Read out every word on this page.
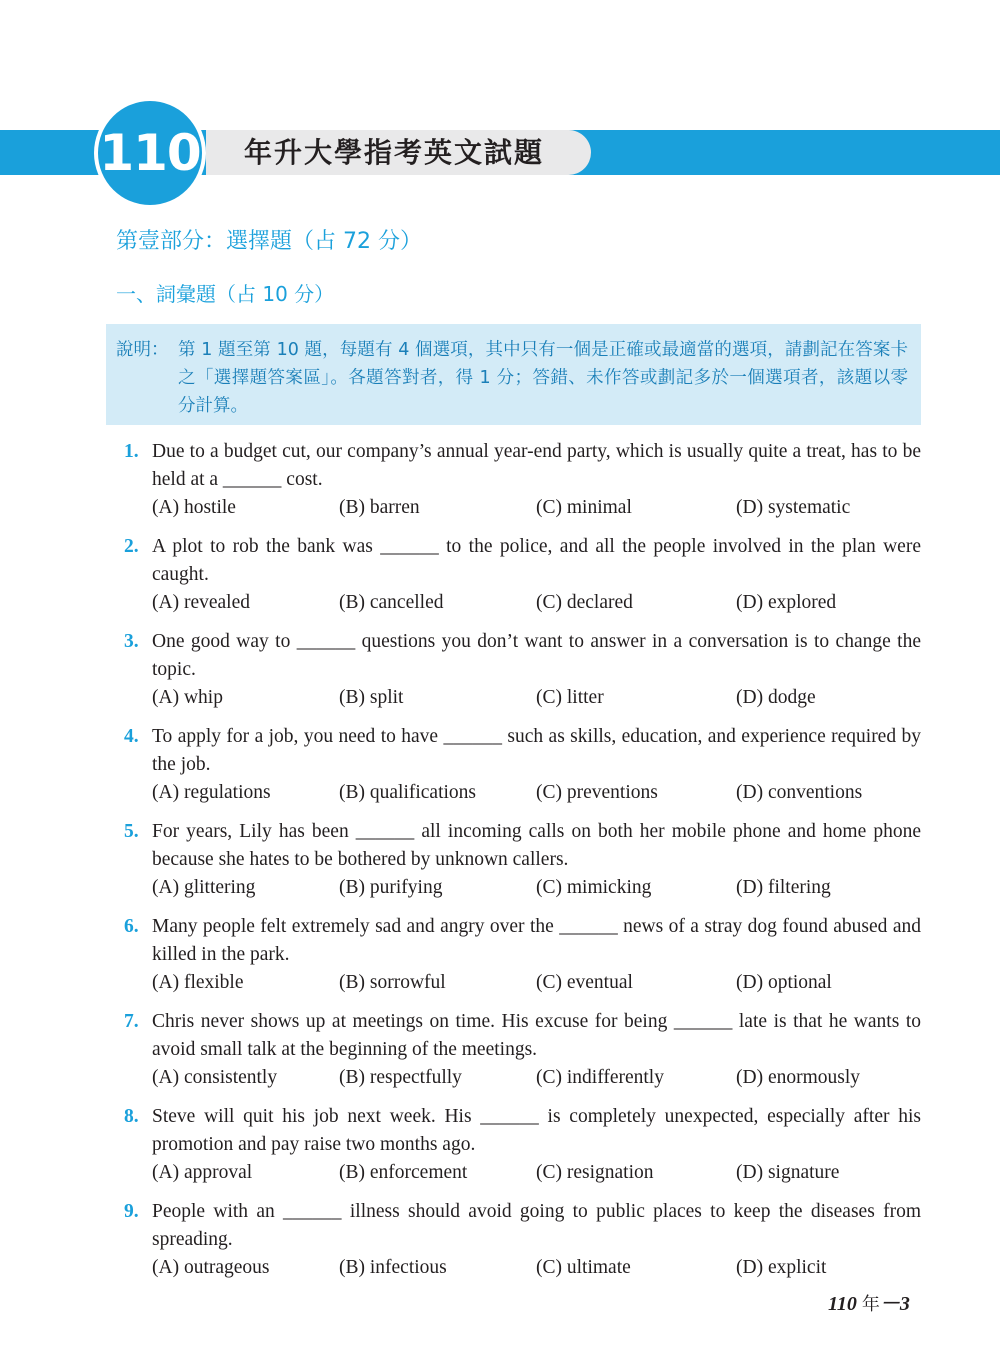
110 年升大學指考英文試題
第壹部分：選擇題（占 72 分）
一、詞彙題（占 10 分）
說明： 第 1 題至第 10 題，每題有 4 個選項，其中只有一個是正確或最適當的選項，請劃記在答案卡之「選擇題答案區」。各題答對者，得 1 分；答錯、未作答或劃記多於一個選項者，該題以零分計算。
1. Due to a budget cut, our company’s annual year-end party, which is usually quite a treat, has to be held at a ______ cost.
(A) hostile	(B) barren	(C) minimal	(D) systematic
2. A plot to rob the bank was ______ to the police, and all the people involved in the plan were caught.
(A) revealed	(B) cancelled	(C) declared	(D) explored
3. One good way to ______ questions you don’t want to answer in a conversation is to change the topic.
(A) whip	(B) split	(C) litter	(D) dodge
4. To apply for a job, you need to have ______ such as skills, education, and experience required by the job.
(A) regulations	(B) qualifications	(C) preventions	(D) conventions
5. For years, Lily has been ______ all incoming calls on both her mobile phone and home phone because she hates to be bothered by unknown callers.
(A) glittering	(B) purifying	(C) mimicking	(D) filtering
6. Many people felt extremely sad and angry over the ______ news of a stray dog found abused and killed in the park.
(A) flexible	(B) sorrowful	(C) eventual	(D) optional
7. Chris never shows up at meetings on time. His excuse for being ______ late is that he wants to avoid small talk at the beginning of the meetings.
(A) consistently	(B) respectfully	(C) indifferently	(D) enormously
8. Steve will quit his job next week. His ______ is completely unexpected, especially after his promotion and pay raise two months ago.
(A) approval	(B) enforcement	(C) resignation	(D) signature
9. People with an ______ illness should avoid going to public places to keep the diseases from spreading.
(A) outrageous	(B) infectious	(C) ultimate	(D) explicit
110 年－3
